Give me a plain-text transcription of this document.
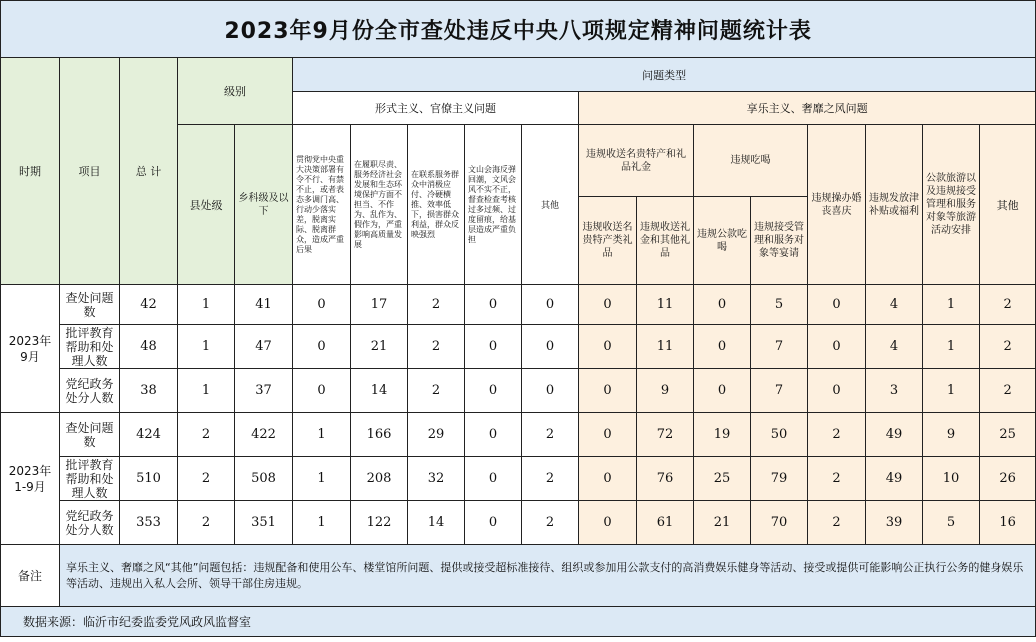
2023年9月份全市查处违反中央八项规定精神问题统计表																	
时期	项目	总 计	级别		问题类型												
					形式主义、官僚主义问题					享乐主义、奢靡之风问题							
			县处级	乡科级及以下	贯彻党中央重大决策部署有令不行、有禁不止，或者表态多调门高、行动少落实差，脱离实际、脱离群众，造成严重后果	在履职尽责、服务经济社会发展和生态环境保护方面不担当、不作为、乱作为、假作为，严重影响高质量发展	在联系服务群众中消极应付、冷硬横推、效率低下，损害群众利益，群众反映强烈	文山会海反弹回潮，文风会风不实不正，督查检查考核过多过频、过度留痕，给基层造成严重负担	其他	违规收送名贵特产和礼品礼金		违规吃喝		违规操办婚丧喜庆	违规发放津补贴或福利	公款旅游以及违规接受管理和服务对象等旅游活动安排	其他
										违规收送名贵特产类礼品	违规收送礼金和其他礼品	违规公款吃喝	违规接受管理和服务对象等宴请				
2023年
9月	查处问题数	42	1	41	0	17	2	0	0	0	11	0	5	0	4	1	2
	批评教育帮助和处理人数	48	1	47	0	21	2	0	0	0	11	0	7	0	4	1	2
	党纪政务处分人数	38	1	37	0	14	2	0	0	0	9	0	7	0	3	1	2
2023年
1-9月	查处问题数	424	2	422	1	166	29	0	2	0	72	19	50	2	49	9	25
	批评教育帮助和处理人数	510	2	508	1	208	32	0	2	0	76	25	79	2	49	10	26
	党纪政务处分人数	353	2	351	1	122	14	0	2	0	61	21	70	2	39	5	16
备注	享乐主义、奢靡之风“其他”问题包括：违规配备和使用公车、楼堂馆所问题、提供或接受超标准接待、组织或参加用公款支付的高消费娱乐健身等活动、接受或提供可能影响公正执行公务的健身娱乐等活动、违规出入私人会所、领导干部住房违规。																
数据来源：临沂市纪委监委党风政风监督室																	
